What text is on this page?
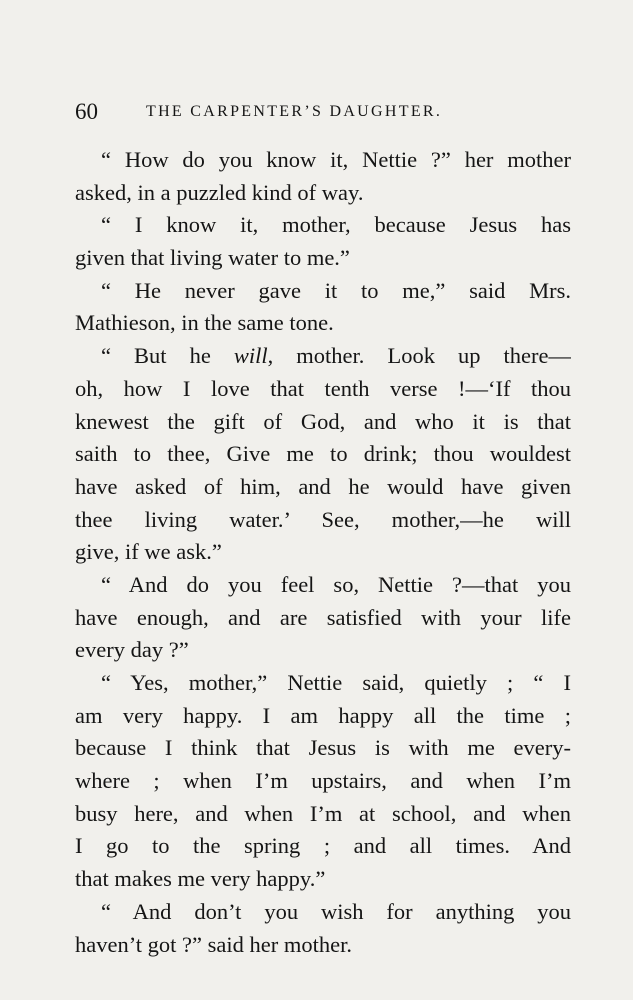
60	THE CARPENTER’S DAUGHTER.
“ How do you know it, Nettie ?” her mother
asked, in a puzzled kind of way.
“ I know it, mother, because Jesus has
given that living water to me.”
“ He never gave it to me,” said Mrs.
Mathieson, in the same tone.
“ But he will, mother. Look up there—
oh, how I love that tenth verse !—‘If thou
knewest the gift of God, and who it is that
saith to thee, Give me to drink; thou wouldest
have asked of him, and he would have given
thee living water.’ See, mother,—he will
give, if we ask.”
“ And do you feel so, Nettie ?—that you
have enough, and are satisfied with your life
every day ?”
“ Yes, mother,” Nettie said, quietly ; “ I
am very happy. I am happy all the time ;
because I think that Jesus is with me every-
where ; when I’m upstairs, and when I’m
busy here, and when I’m at school, and when
I go to the spring ; and all times. And
that makes me very happy.”
“ And don’t you wish for anything you
haven’t got ?” said her mother.
